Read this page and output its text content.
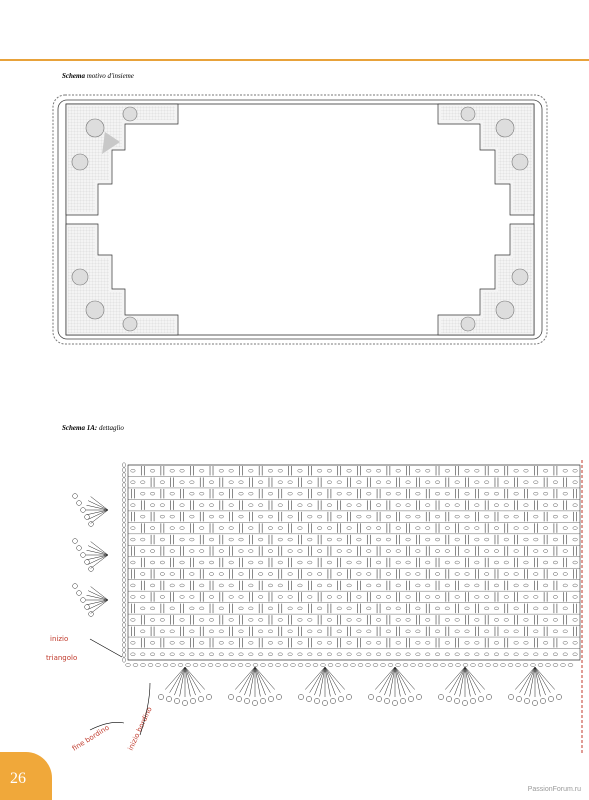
Schema motivo d'insieme
Schema 1A: dettaglio
inizio
triangolo
fine bordino inizio bordino
26
PassionForum.ru
